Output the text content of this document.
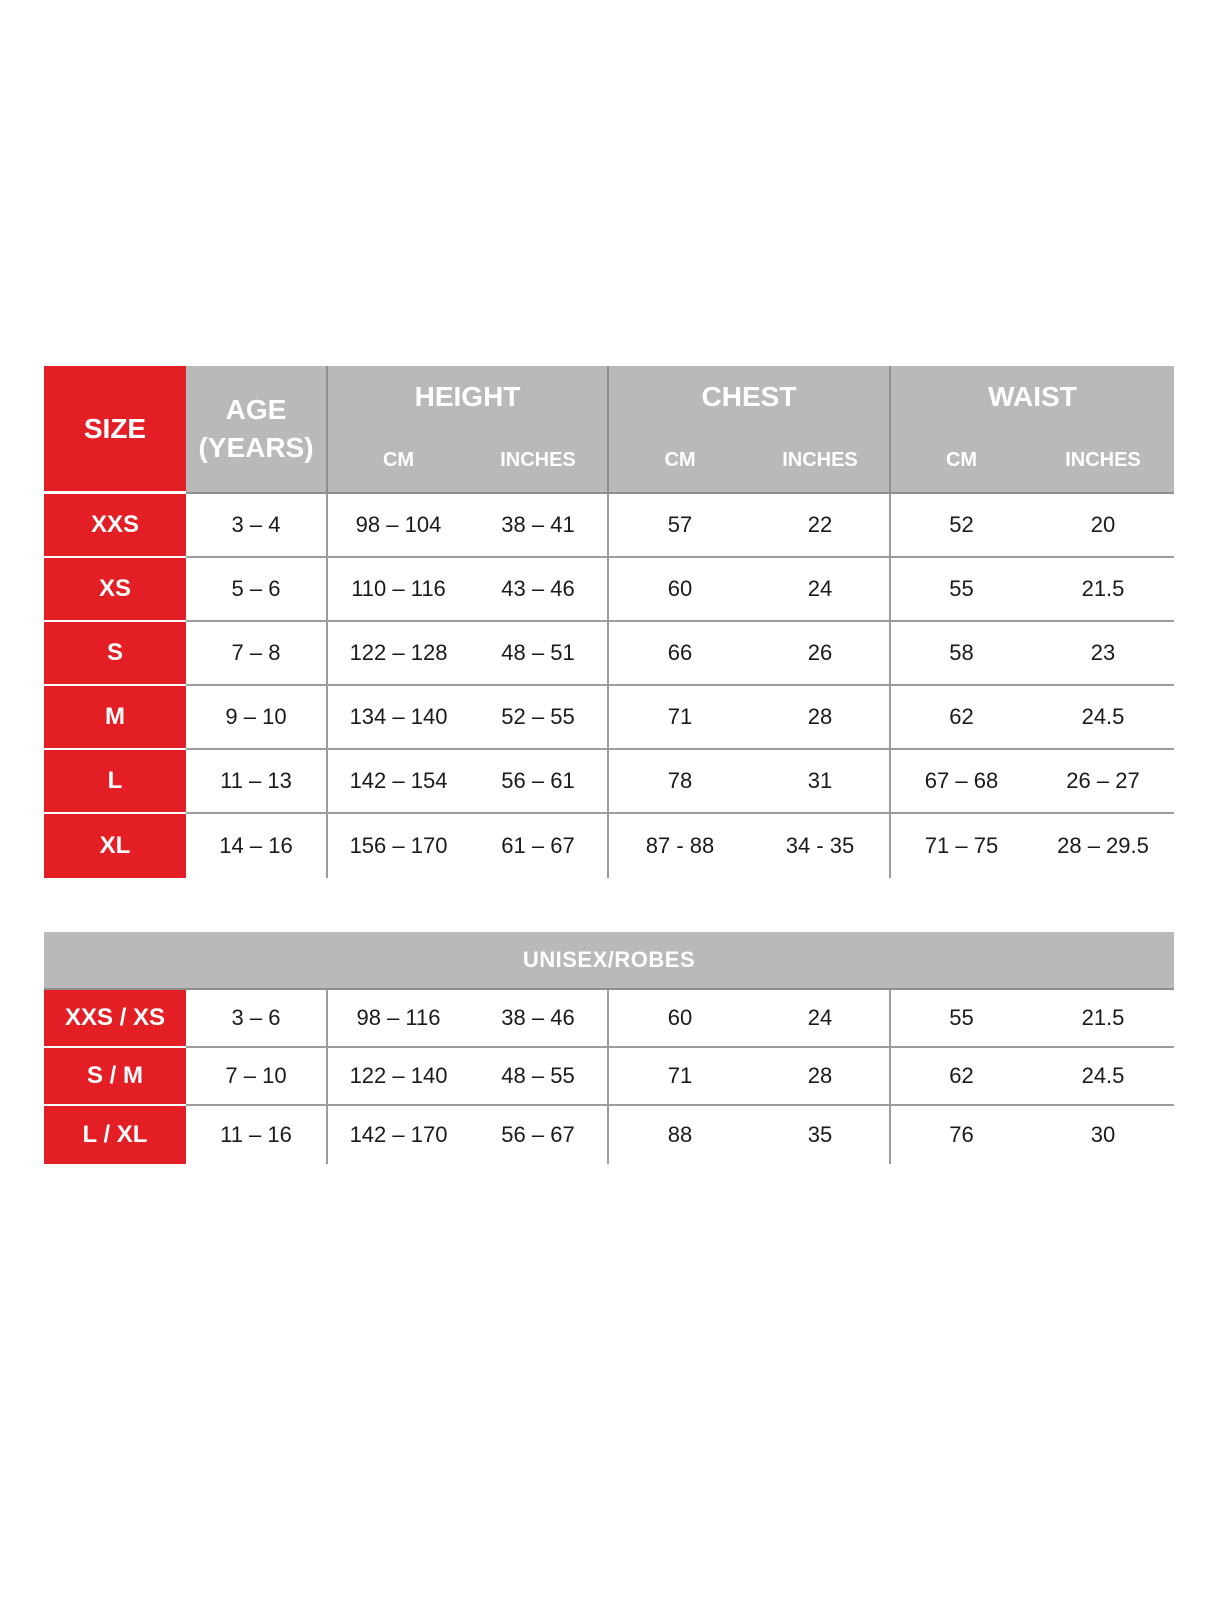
SIZE
AGE
(YEARS)
HEIGHT	CHEST	WAIST
CM	INCHES	CM	INCHES	CM	INCHES
XXS	3 – 4	98 – 104	38 – 41	57	22	52	20
XS	5 – 6	110 – 116	43 – 46	60	24	55	21.5
S	7 – 8	122 – 128	48 – 51	66	26	58	23
M	9 – 10	134 – 140	52 – 55	71	28	62	24.5
L	11 – 13	142 – 154	56 – 61	78	31	67 – 68	26 – 27
XL	14 – 16	156 – 170	61 – 67	87 - 88	34 - 35	71 – 75	28 – 29.5
UNISEX/ROBES
XXS / XS	3 – 6	98 – 116	38 – 46	60	24	55	21.5
S / M	7 – 10	122 – 140	48 – 55	71	28	62	24.5
L / XL	11 – 16	142 – 170	56 – 67	88	35	76	30
